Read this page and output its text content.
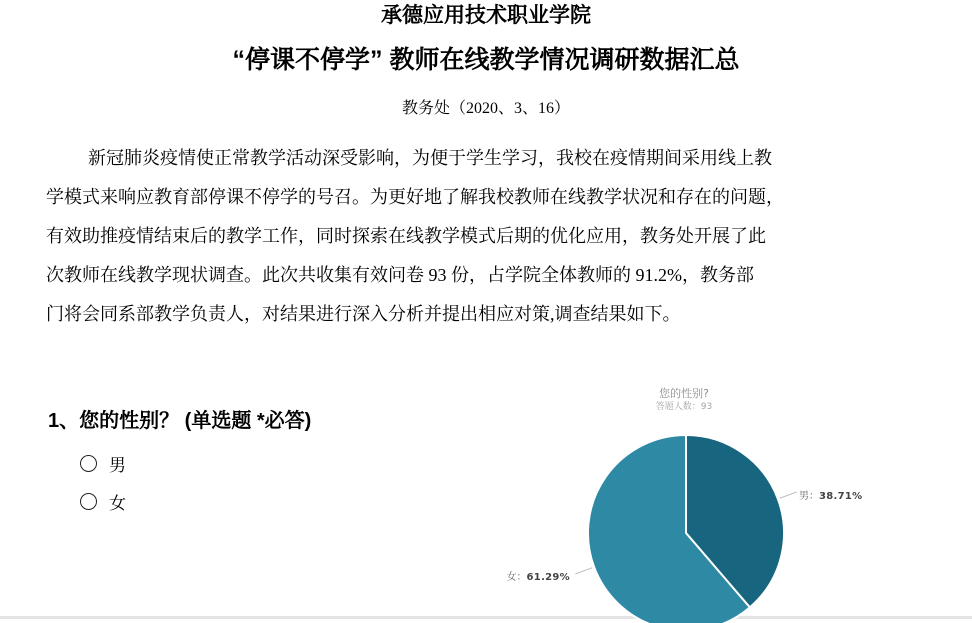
承德应用技术职业学院
“停课不停学” 教师在线教学情况调研数据汇总
教务处（2020、3、16）
新冠肺炎疫情使正常教学活动深受影响，为便于学生学习，我校在疫情期间采用线上教
学模式来响应教育部停课不停学的号召。为更好地了解我校教师在线教学状况和存在的问题，
有效助推疫情结束后的教学工作，同时探索在线教学模式后期的优化应用，教务处开展了此
次教师在线教学现状调查。此次共收集有效问卷 93 份，占学院全体教师的 91.2%，教务部
门将会同系部教学负责人，对结果进行深入分析并提出相应对策,调查结果如下。
1、您的性别？ (单选题 *必答)
男
女
您的性别?
答题人数：93
男：38.71%
女：61.29%
